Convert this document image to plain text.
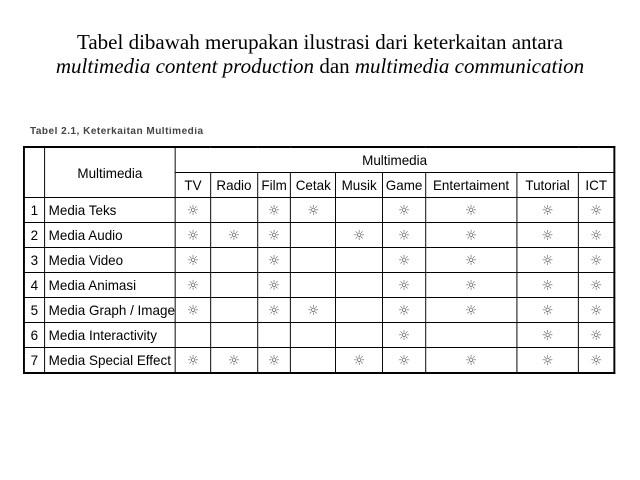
Tabel dibawah merupakan ilustrasi dari keterkaitan antara
multimedia content production dan multimedia communication
Tabel 2.1, Keterkaitan Multimedia
	Multimedia	Multimedia								
		TV	Radio	Film	Cetak	Musik	Game	Entertaiment	Tutorial	ICT
1	Media Teks	☼		☼	☼		☼	☼	☼	☼
2	Media Audio	☼	☼	☼		☼	☼	☼	☼	☼
3	Media Video	☼		☼			☼	☼	☼	☼
4	Media Animasi	☼		☼			☼	☼	☼	☼
5	Media Graph / Image	☼		☼	☼		☼	☼	☼	☼
6	Media Interactivity						☼		☼	☼
7	Media Special Effect	☼	☼	☼		☼	☼	☼	☼	☼
